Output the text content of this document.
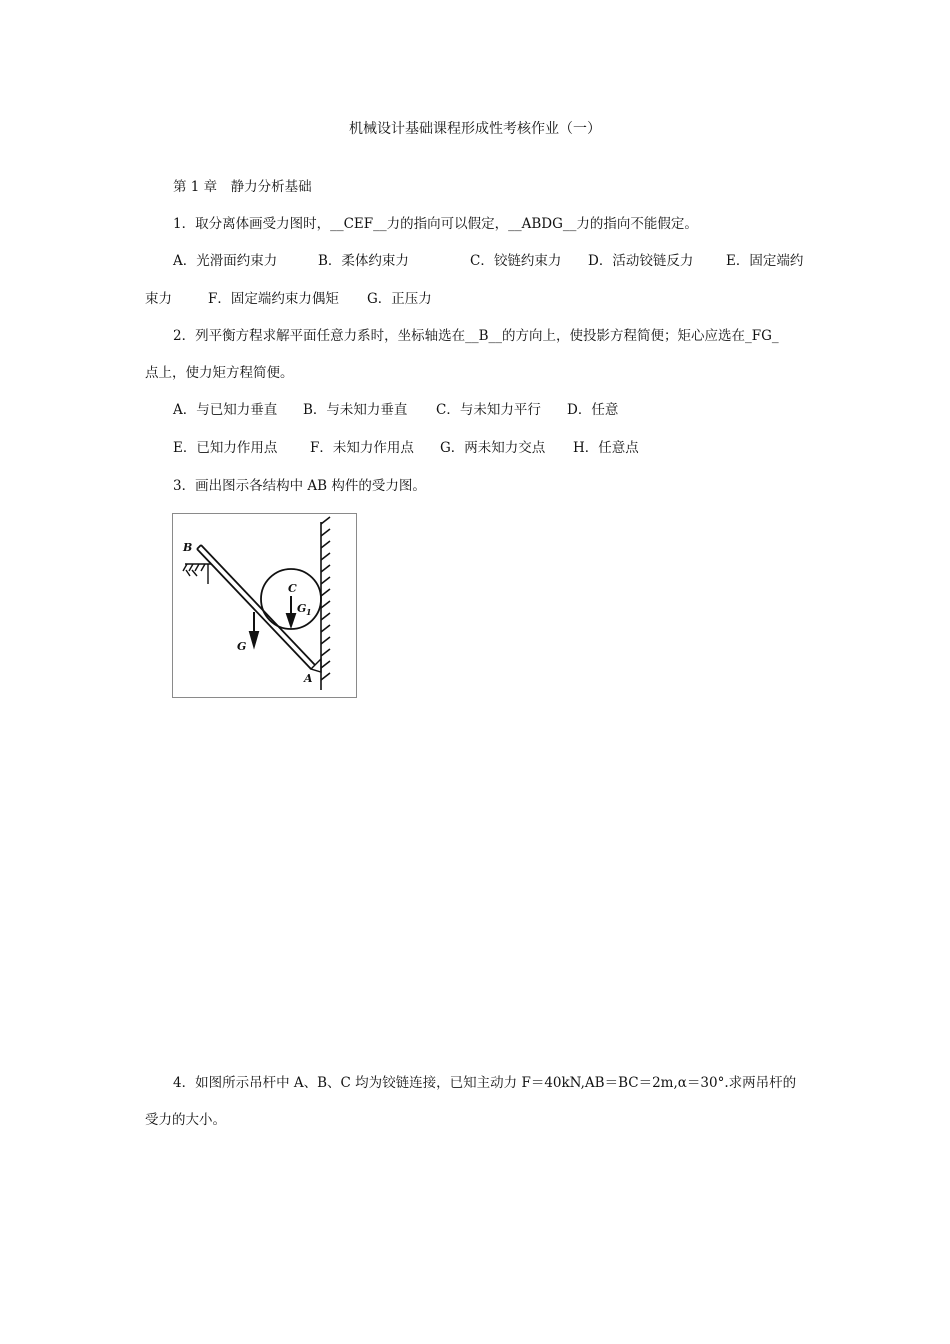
机械设计基础课程形成性考核作业（一）
第 1 章　静力分析基础
1．取分离体画受力图时，__CEF__力的指向可以假定，__ABDG__力的指向不能假定。
A．光滑面约束力	B．柔体约束力	C．铰链约束力 D．活动铰链反力 E．固定端约
束力	F．固定端约束力偶矩 G．正压力
2．列平衡方程求解平面任意力系时，坐标轴选在__B__的方向上，使投影方程简便；矩心应选在_FG_
点上，使力矩方程简便。
A．与已知力垂直 B．与未知力垂直 C．与未知力平行 D．任意
E．已知力作用点 F．未知力作用点 G．两未知力交点 H．任意点
3．画出图示各结构中 AB 构件的受力图。
B
C
G 1
G
A
4．如图所示吊杆中 A、B、C 均为铰链连接，已知主动力 F＝40kN,AB＝BC＝2m,α＝30°.求两吊杆的
受力的大小。
